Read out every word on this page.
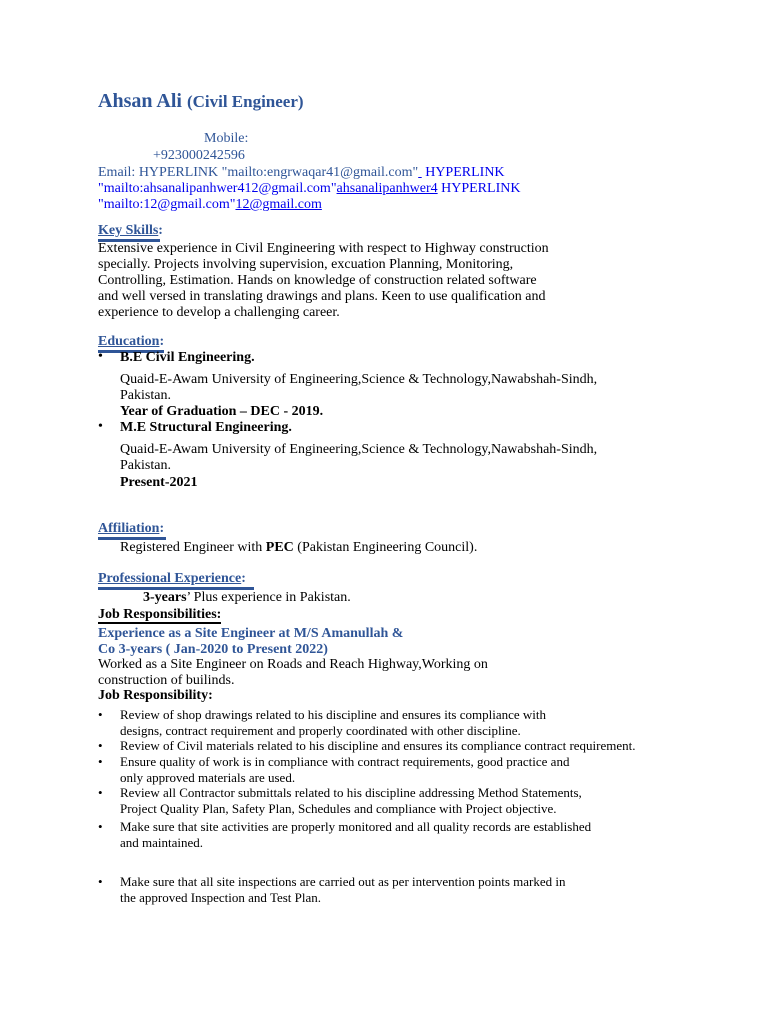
Ahsan Ali (Civil Engineer)
Mobile:
+923000242596
Email: HYPERLINK "mailto:engrwaqar41@gmail.com" HYPERLINK
"mailto:ahsanalipanhwer412@gmail.com"ahsanalipanhwer4 HYPERLINK
"mailto:12@gmail.com"12@gmail.com
Key Skills:
Extensive experience in Civil Engineering with respect to Highway construction
specially. Projects involving supervision, excuation Planning, Monitoring,
Controlling, Estimation. Hands on knowledge of construction related software
and well versed in translating drawings and plans. Keen to use qualification and
experience to develop a challenging career.
Education:
• B.E Civil Engineering.
Quaid-E-Awam University of Engineering,Science & Technology,Nawabshah-Sindh,
Pakistan.
Year of Graduation – DEC - 2019.
• M.E Structural Engineering.
Quaid-E-Awam University of Engineering,Science & Technology,Nawabshah-Sindh,
Pakistan.
Present-2021
Affiliation:
Registered Engineer with PEC (Pakistan Engineering Council).
Professional Experience:
3-years’ Plus experience in Pakistan.
Job Responsibilities:
Experience as a Site Engineer at M/S Amanullah &
Co 3-years ( Jan-2020 to Present 2022)
Worked as a Site Engineer on Roads and Reach Highway,Working on
construction of builinds.
Job Responsibility:
• Review of shop drawings related to his discipline and ensures its compliance with
designs, contract requirement and properly coordinated with other discipline.
• Review of Civil materials related to his discipline and ensures its compliance contract requirement.
• Ensure quality of work is in compliance with contract requirements, good practice and
only approved materials are used.
• Review all Contractor submittals related to his discipline addressing Method Statements,
Project Quality Plan, Safety Plan, Schedules and compliance with Project objective.
• Make sure that site activities are properly monitored and all quality records are established
and maintained.
• Make sure that all site inspections are carried out as per intervention points marked in
the approved Inspection and Test Plan.
